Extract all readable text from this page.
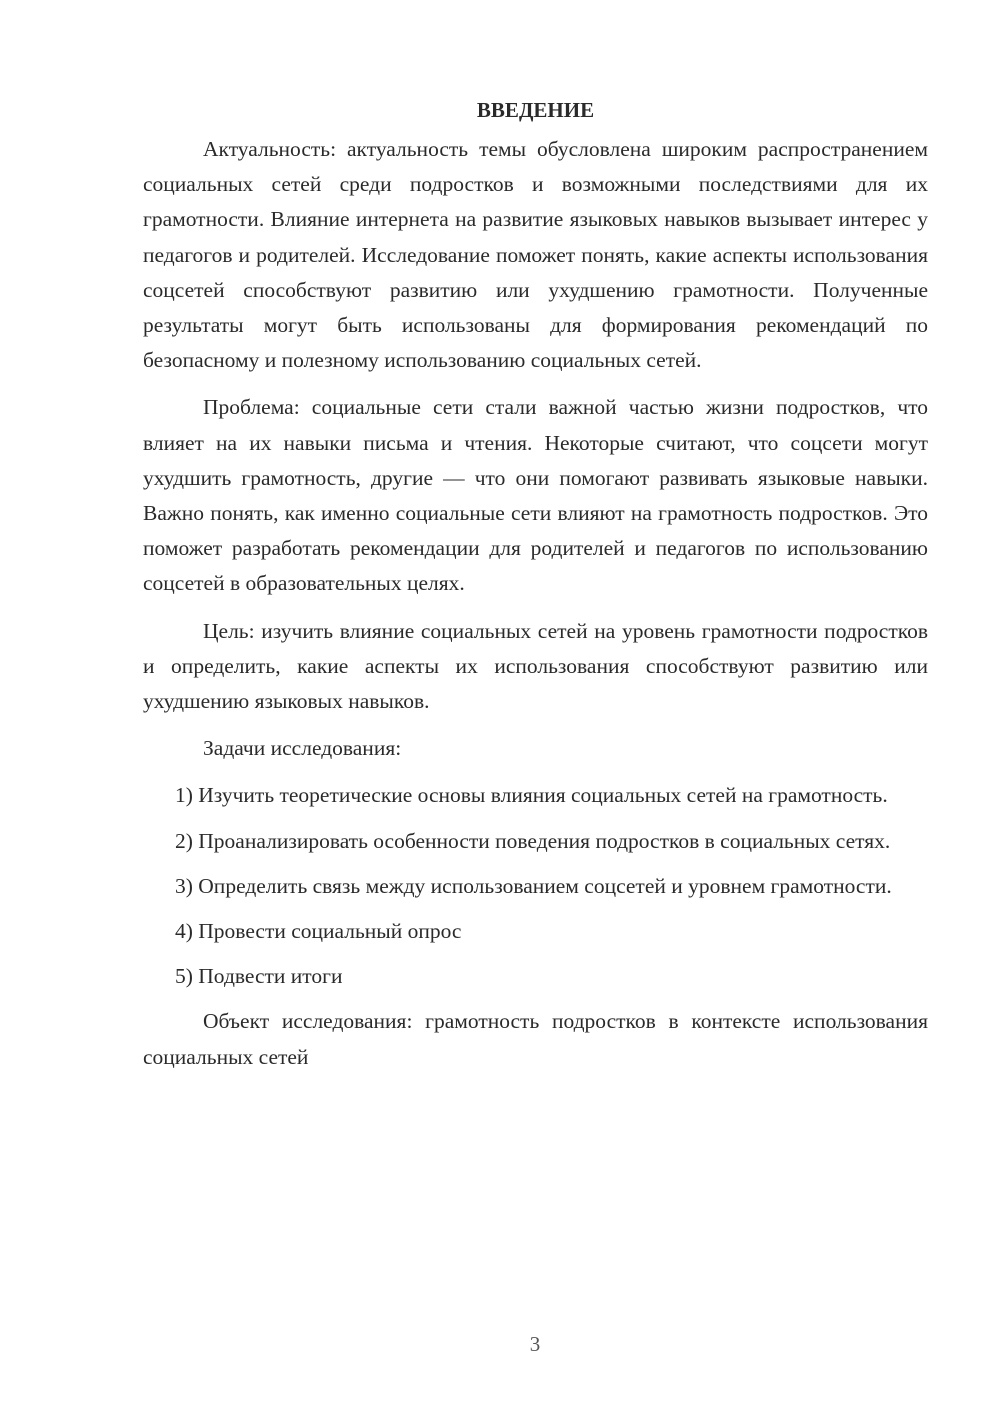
ВВЕДЕНИЕ

Актуальность: актуальность темы обусловлена широким распространением социальных сетей среди подростков и возможными последствиями для их грамотности. Влияние интернета на развитие языковых навыков вызывает интерес у педагогов и родителей. Исследование поможет понять, какие аспекты использования соцсетей способствуют развитию или ухудшению грамотности. Полученные результаты могут быть использованы для формирования рекомендаций по безопасному и полезному использованию социальных сетей.

Проблема: социальные сети стали важной частью жизни подростков, что влияет на их навыки письма и чтения. Некоторые считают, что соцсети могут ухудшить грамотность, другие — что они помогают развивать языковые навыки. Важно понять, как именно социальные сети влияют на грамотность подростков. Это поможет разработать рекомендации для родителей и педагогов по использованию соцсетей в образовательных целях.

Цель: изучить влияние социальных сетей на уровень грамотности подростков и определить, какие аспекты их использования способствуют развитию или ухудшению языковых навыков.

Задачи исследования:

1) Изучить теоретические основы влияния социальных сетей на грамотность.

2) Проанализировать особенности поведения подростков в социальных сетях.

3) Определить связь между использованием соцсетей и уровнем грамотности.

4) Провести социальный опрос

5) Подвести итоги

Объект исследования: грамотность подростков в контексте использования социальных сетей

3
